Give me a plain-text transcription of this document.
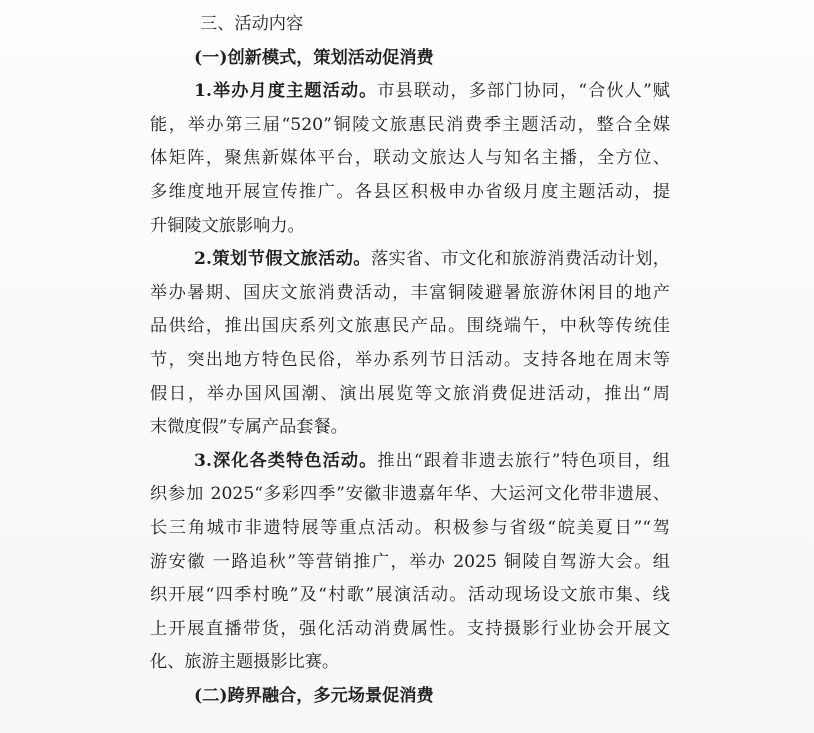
三、活动内容
(一)创新模式，策划活动促消费
1.举办月度主题活动。市县联动，多部门协同，“合伙人”赋
能，举办第三届“520”铜陵文旅惠民消费季主题活动，整合全媒
体矩阵，聚焦新媒体平台，联动文旅达人与知名主播，全方位、
多维度地开展宣传推广。各县区积极申办省级月度主题活动，提
升铜陵文旅影响力。
2.策划节假文旅活动。落实省、市文化和旅游消费活动计划，
举办暑期、国庆文旅消费活动，丰富铜陵避暑旅游休闲目的地产
品供给，推出国庆系列文旅惠民产品。围绕端午，中秋等传统佳
节，突出地方特色民俗，举办系列节日活动。支持各地在周末等
假日，举办国风国潮、演出展览等文旅消费促进活动，推出“周
末微度假”专属产品套餐。
3.深化各类特色活动。推出“跟着非遗去旅行”特色项目，组
织参加 2025“多彩四季”安徽非遗嘉年华、大运河文化带非遗展、
长三角城市非遗特展等重点活动。积极参与省级“皖美夏日”“驾
游安徽 一路追秋”等营销推广，举办 2025 铜陵自驾游大会。组
织开展“四季村晚”及“村歌”展演活动。活动现场设文旅市集、线
上开展直播带货，强化活动消费属性。支持摄影行业协会开展文
化、旅游主题摄影比赛。
(二)跨界融合，多元场景促消费
